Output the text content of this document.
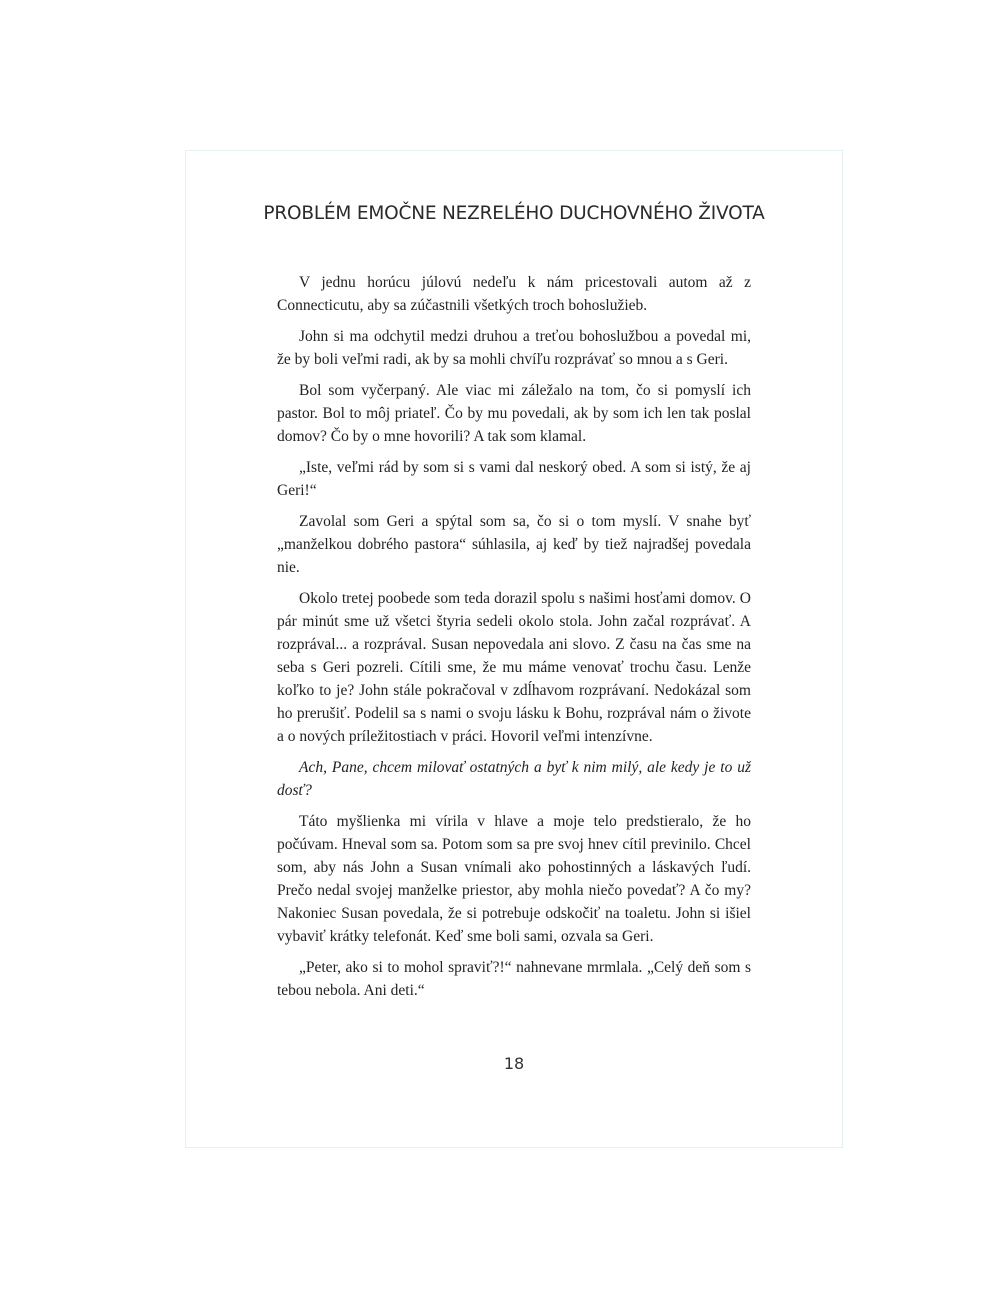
PROBLÉM EMOČNE NEZRELÉHO DUCHOVNÉHO ŽIVOTA

V jednu horúcu júlovú nedeľu k nám pricestovali autom až z Connecticutu, aby sa zúčastnili všetkých troch bohoslužieb.

John si ma odchytil medzi druhou a treťou bohoslužbou a povedal mi, že by boli veľmi radi, ak by sa mohli chvíľu rozprávať so mnou a s Geri.

Bol som vyčerpaný. Ale viac mi záležalo na tom, čo si pomyslí ich pastor. Bol to môj priateľ. Čo by mu povedali, ak by som ich len tak poslal domov? Čo by o mne hovorili? A tak som klamal.

„Iste, veľmi rád by som si s vami dal neskorý obed. A som si istý, že aj Geri!“

Zavolal som Geri a spýtal som sa, čo si o tom myslí. V snahe byť „manželkou dobrého pastora“ súhlasila, aj keď by tiež najradšej povedala nie.

Okolo tretej poobede som teda dorazil spolu s našimi hosťami domov. O pár minút sme už všetci štyria sedeli okolo stola. John začal rozprávať. A rozprával... a rozprával. Susan nepovedala ani slovo. Z času na čas sme na seba s Geri pozreli. Cítili sme, že mu máme venovať trochu času. Lenže koľko to je? John stále pokračoval v zdĺhavom rozprávaní. Nedokázal som ho prerušiť. Podelil sa s nami o svoju lásku k Bohu, rozprával nám o živote a o nových príležitostiach v práci. Hovoril veľmi intenzívne.

Ach, Pane, chcem milovať ostatných a byť k nim milý, ale kedy je to už dosť?

Táto myšlienka mi vírila v hlave a moje telo predstieralo, že ho počúvam. Hneval som sa. Potom som sa pre svoj hnev cítil previnilo. Chcel som, aby nás John a Susan vnímali ako pohostinných a láskavých ľudí. Prečo nedal svojej manželke priestor, aby mohla niečo povedať? A čo my? Nakoniec Susan povedala, že si potrebuje odskočiť na toaletu. John si išiel vybaviť krátky telefonát. Keď sme boli sami, ozvala sa Geri.

„Peter, ako si to mohol spraviť?!“ nahnevane mrmlala. „Celý deň som s tebou nebola. Ani deti.“

18
